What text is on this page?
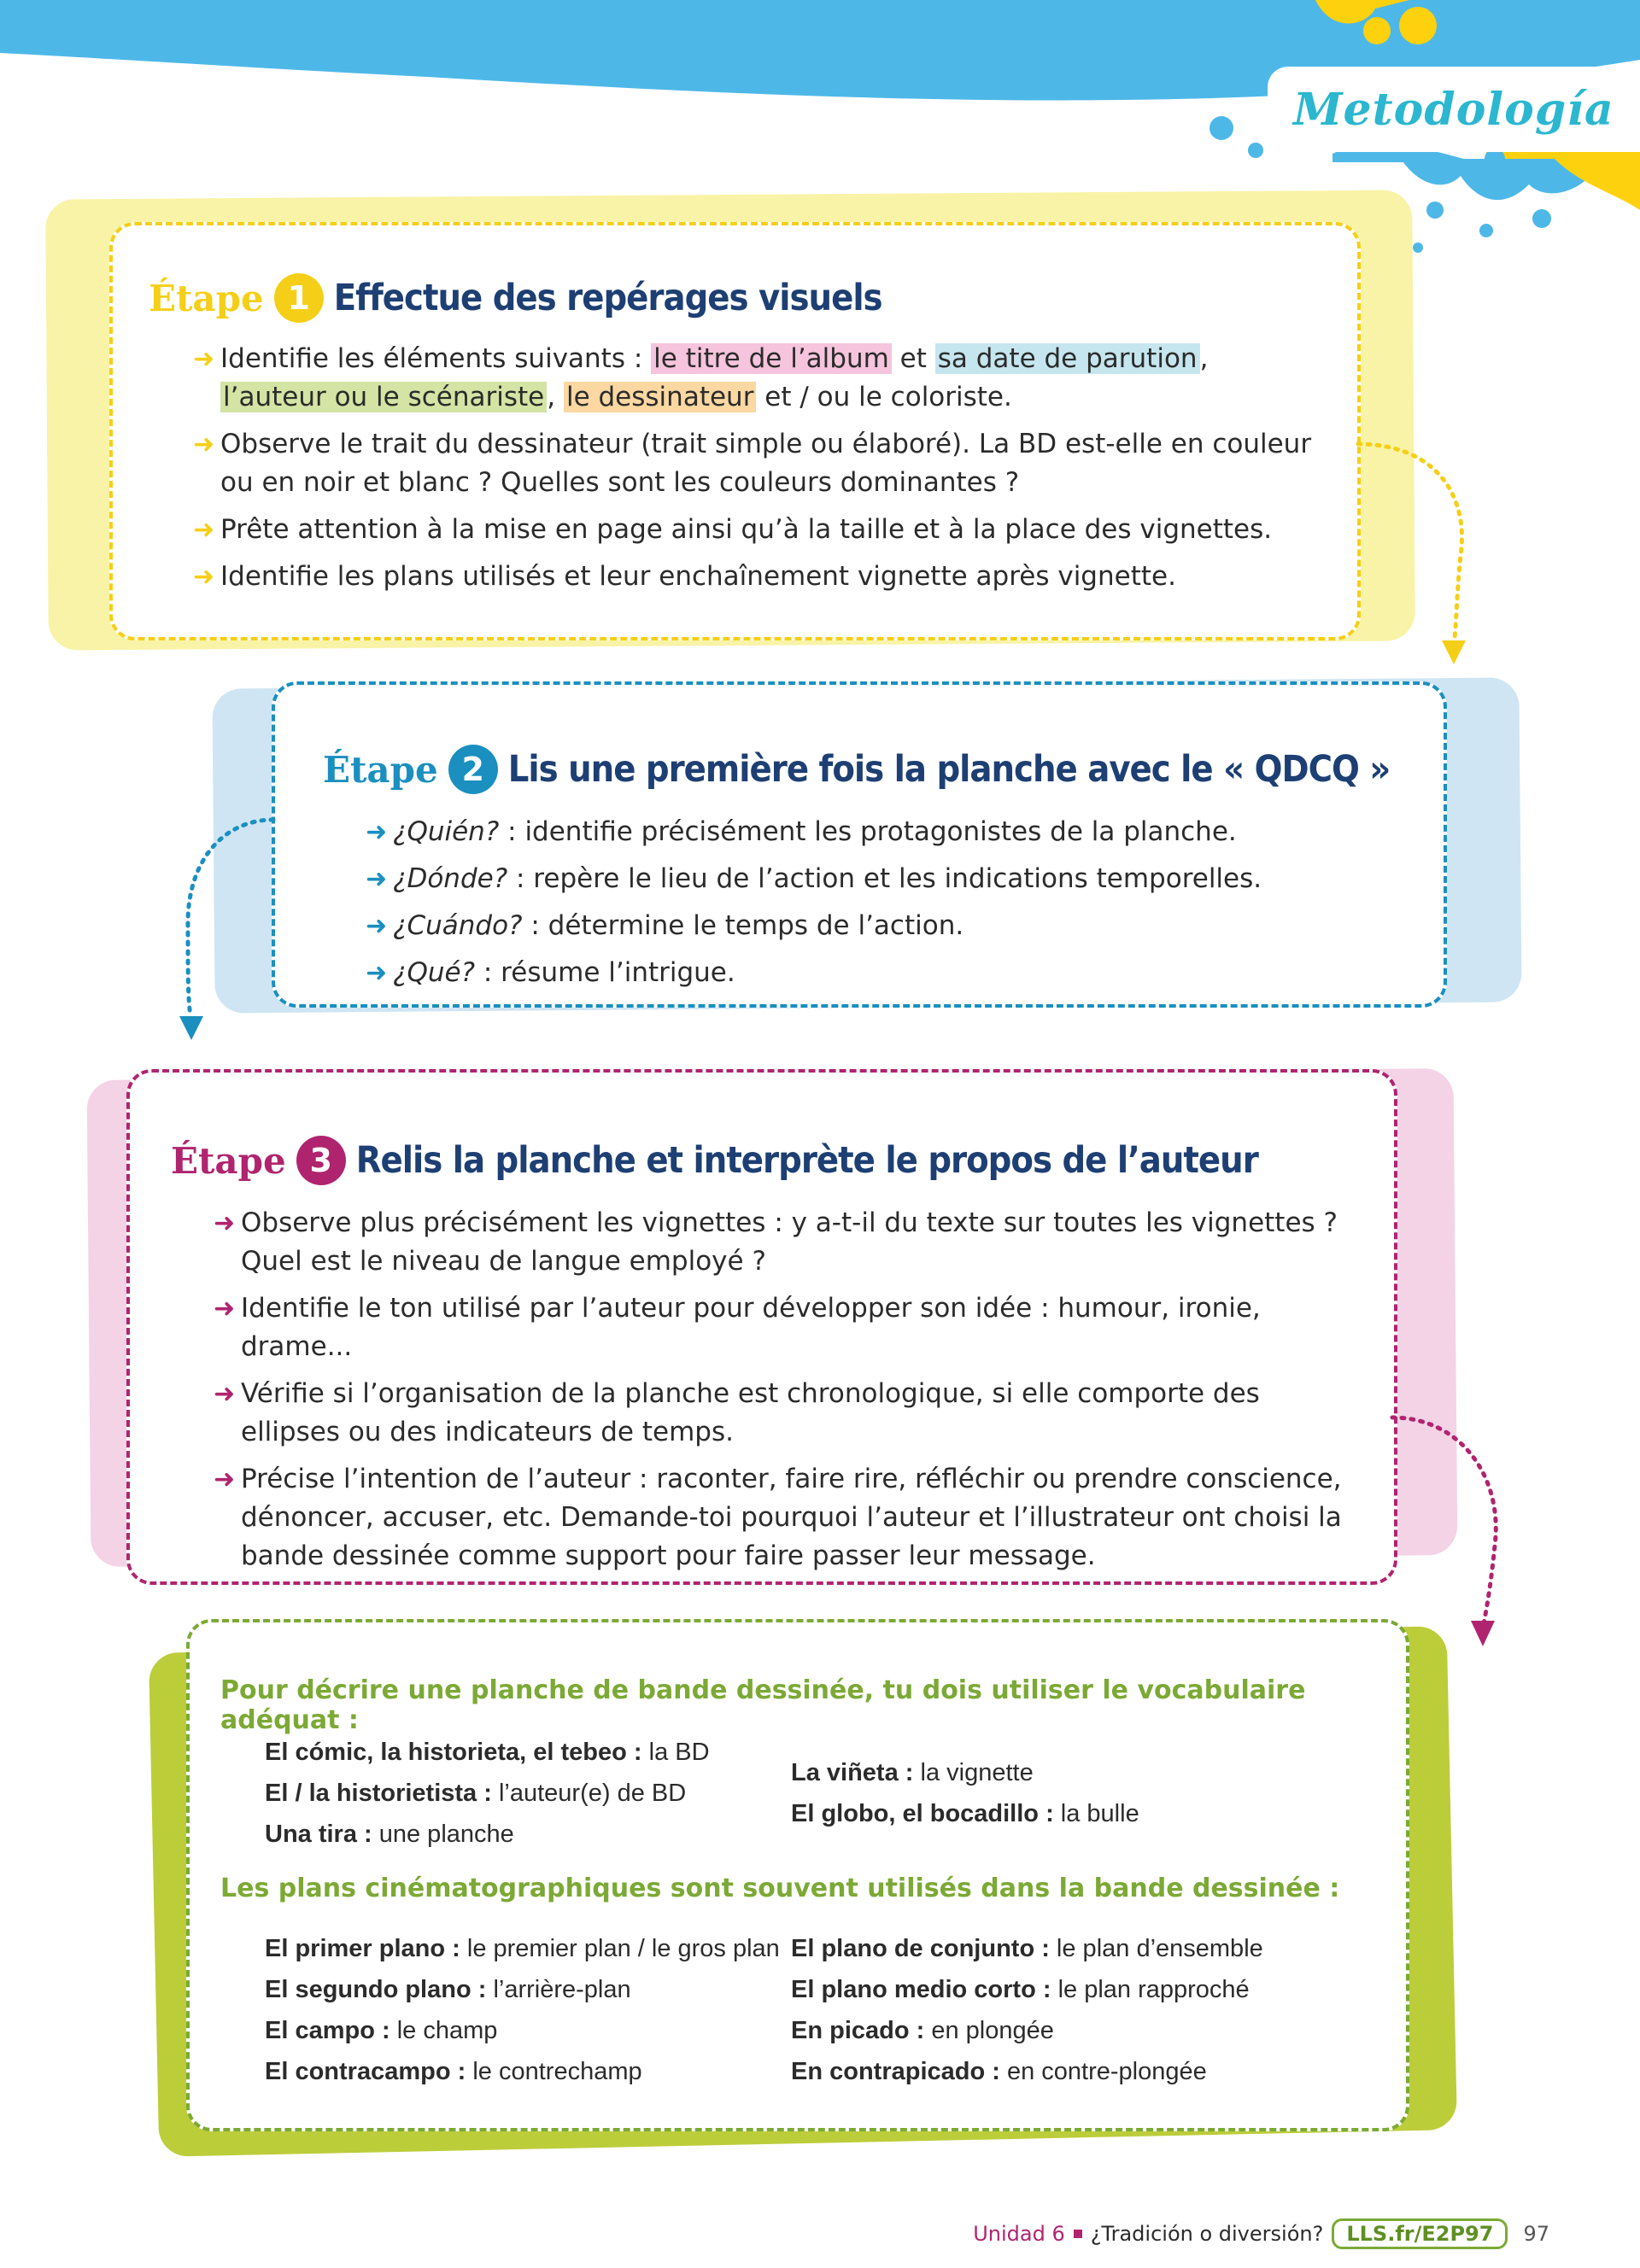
Metodología
Étape 1 Effectue des repérages visuels
➜ Identifie les éléments suivants : le titre de l’album et sa date de parution,
l’auteur ou le scénariste, le dessinateur et / ou le coloriste.
➜ Observe le trait du dessinateur (trait simple ou élaboré). La BD est-elle en couleur ou en noir et blanc ? Quelles sont les couleurs dominantes ?
➜ Prête attention à la mise en page ainsi qu’à la taille et à la place des vignettes.
➜ Identifie les plans utilisés et leur enchaînement vignette après vignette.
Étape 2 Lis une première fois la planche avec le « QDCQ »
➜ ¿Quién? : identifie précisément les protagonistes de la planche.
➜ ¿Dónde? : repère le lieu de l’action et les indications temporelles.
➜ ¿Cuándo? : détermine le temps de l’action.
➜ ¿Qué? : résume l’intrigue.
Étape 3 Relis la planche et interprète le propos de l’auteur
➜ Observe plus précisément les vignettes : y a-t-il du texte sur toutes les vignettes ? Quel est le niveau de langue employé ?
➜ Identifie le ton utilisé par l’auteur pour développer son idée : humour, ironie, drame...
➜ Vérifie si l’organisation de la planche est chronologique, si elle comporte des ellipses ou des indicateurs de temps.
➜ Précise l’intention de l’auteur : raconter, faire rire, réfléchir ou prendre conscience, dénoncer, accuser, etc. Demande-toi pourquoi l’auteur et l’illustrateur ont choisi la bande dessinée comme support pour faire passer leur message.
Pour décrire une planche de bande dessinée, tu dois utiliser le vocabulaire adéquat :
El cómic, la historieta, el tebeo : la BD
El / la historietista : l’auteur(e) de BD
Una tira : une planche
La viñeta : la vignette
El globo, el bocadillo : la bulle
Les plans cinématographiques sont souvent utilisés dans la bande dessinée :
El primer plano : le premier plan / le gros plan
El segundo plano : l’arrière-plan
El campo : le champ
El contracampo : le contrechamp
El plano de conjunto : le plan d’ensemble
El plano medio corto : le plan rapproché
En picado : en plongée
En contrapicado : en contre-plongée
Unidad 6 ¿Tradición o diversión?	LLS.fr/E2P97	97
